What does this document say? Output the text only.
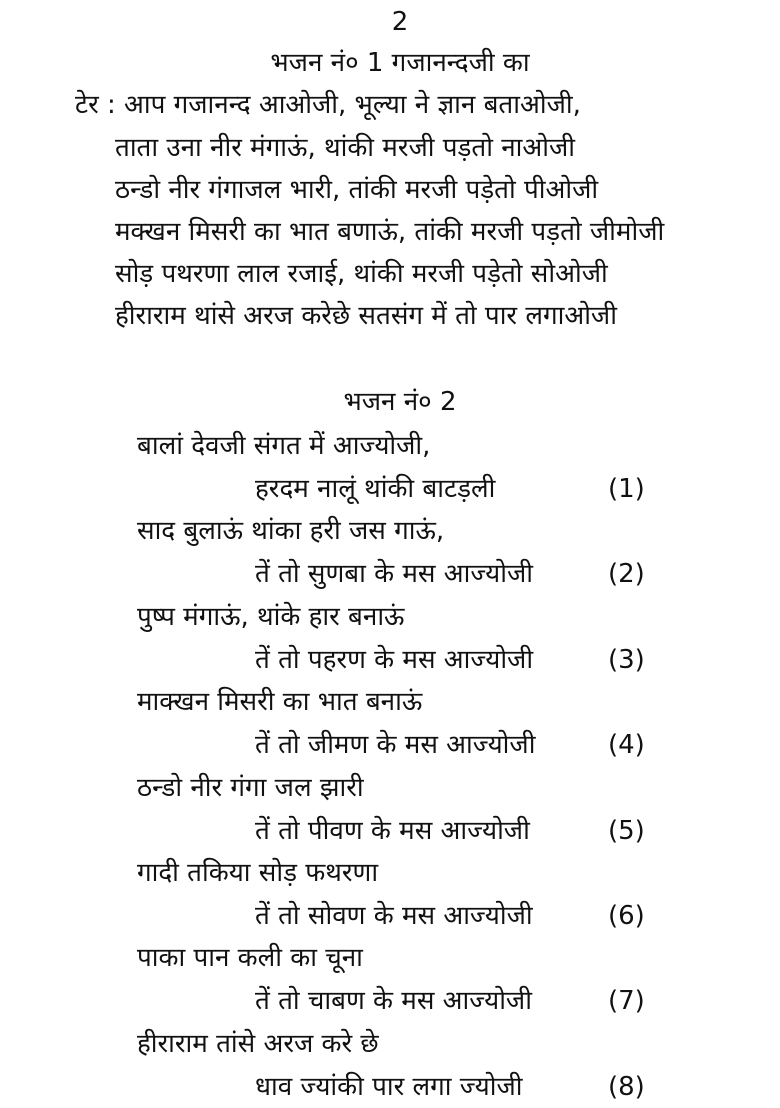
2
भजन नं० 1 गजानन्दजी का
टेर : आप गजानन्द आओजी, भूल्या ने ज्ञान बताओजी,
ताता उना नीर मंगाऊं, थांकी मरजी पड़तो नाओजी
ठन्डो नीर गंगाजल भारी, तांकी मरजी पड़ेतो पीओजी
मक्खन मिसरी का भात बणाऊं, तांकी मरजी पड़तो जीमोजी
सोड़ पथरणा लाल रजाई, थांकी मरजी पड़ेतो सोओजी
हीराराम थांसे अरज करेछे सतसंग में तो पार लगाओजी
भजन नं० 2
बालां देवजी संगत में आज्योजी,
हरदम नालूं थांकी बाटड़ली	(1)
साद बुलाऊं थांका हरी जस गाऊं,
तें तो सुणबा के मस आज्योजी	(2)
पुष्प मंगाऊं, थांके हार बनाऊं
तें तो पहरण के मस आज्योजी	(3)
माक्खन मिसरी का भात बनाऊं
तें तो जीमण के मस आज्योजी	(4)
ठन्डो नीर गंगा जल झारी
तें तो पीवण के मस आज्योजी	(5)
गादी तकिया सोड़ फथरणा
तें तो सोवण के मस आज्योजी	(6)
पाका पान कली का चूना
तें तो चाबण के मस आज्योजी	(7)
हीराराम तांसे अरज करे छे
धाव ज्यांकी पार लगा ज्योजी	(8)
